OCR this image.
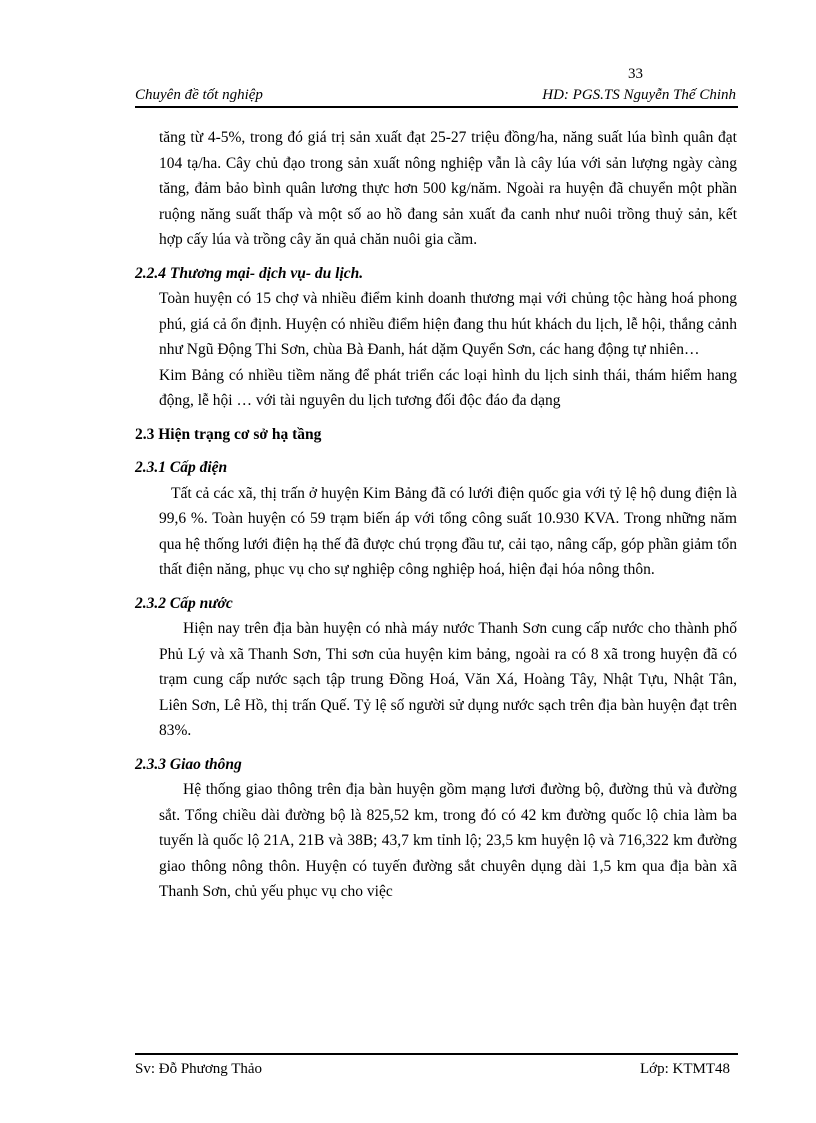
33
Chuyên đề tốt nghiệp	HD: PGS.TS Nguyễn Thế Chinh

tăng từ 4-5%, trong đó giá trị sản xuất đạt 25-27 triệu đồng/ha, năng suất lúa bình quân đạt 104 tạ/ha. Cây chủ đạo trong sản xuất nông nghiệp vẫn là cây lúa với sản lượng ngày càng tăng, đảm bảo bình quân lương thực hơn 500 kg/năm. Ngoài ra huyện đã chuyển một phần ruộng năng suất thấp và một số ao hồ đang sản xuất đa canh như nuôi trồng thuỷ sản, kết hợp cấy lúa và trồng cây ăn quả chăn nuôi gia cầm.

2.2.4 Thương mại- dịch vụ- du lịch.

Toàn huyện có 15 chợ và nhiều điểm kinh doanh thương mại với chủng tộc hàng hoá phong phú, giá cả ổn định. Huyện có nhiều điểm hiện đang thu hút khách du lịch, lễ hội, thắng cảnh như Ngũ Động Thi Sơn, chùa Bà Đanh, hát dặm Quyển Sơn, các hang động tự nhiên…

Kim Bảng có nhiều tiềm năng để phát triển các loại hình du lịch sinh thái, thám hiểm hang động, lễ hội … với tài nguyên du lịch tương đối độc đáo đa dạng

2.3 Hiện trạng cơ sở hạ tầng
2.3.1 Cấp điện

Tất cả các xã, thị trấn ở huyện Kim Bảng đã có lưới điện quốc gia với tỷ lệ hộ dung điện là 99,6 %. Toàn huyện có 59 trạm biến áp với tổng công suất 10.930 KVA. Trong những năm qua hệ thống lưới điện hạ thế đã được chú trọng đầu tư, cải tạo, nâng cấp, góp phần giảm tổn thất điện năng, phục vụ cho sự nghiệp công nghiệp hoá, hiện đại hóa nông thôn.

2.3.2 Cấp nước

Hiện nay trên địa bàn huyện có nhà máy nước Thanh Sơn cung cấp nước cho thành phố Phủ Lý và xã Thanh Sơn, Thi sơn của huyện kim bảng, ngoài ra có 8 xã trong huyện đã có trạm cung cấp nước sạch tập trung Đồng Hoá, Văn Xá, Hoàng Tây, Nhật Tựu, Nhật Tân, Liên Sơn, Lê Hồ, thị trấn Quế. Tỷ lệ số người sử dụng nước sạch trên địa bàn huyện đạt trên 83%.

2.3.3 Giao thông

Hệ thống giao thông trên địa bàn huyện gồm mạng lươi đường bộ, đường thủ và đường sắt. Tổng chiều dài đường bộ là 825,52 km, trong đó có 42 km đường quốc lộ chia làm ba tuyến là quốc lộ 21A, 21B và 38B; 43,7 km tỉnh lộ; 23,5 km huyện lộ và 716,322 km đường giao thông nông thôn. Huyện có tuyến đường sắt chuyên dụng dài 1,5 km qua địa bàn xã Thanh Sơn, chủ yếu phục vụ cho việc

Sv: Đỗ Phương Thảo	Lớp: KTMT48
